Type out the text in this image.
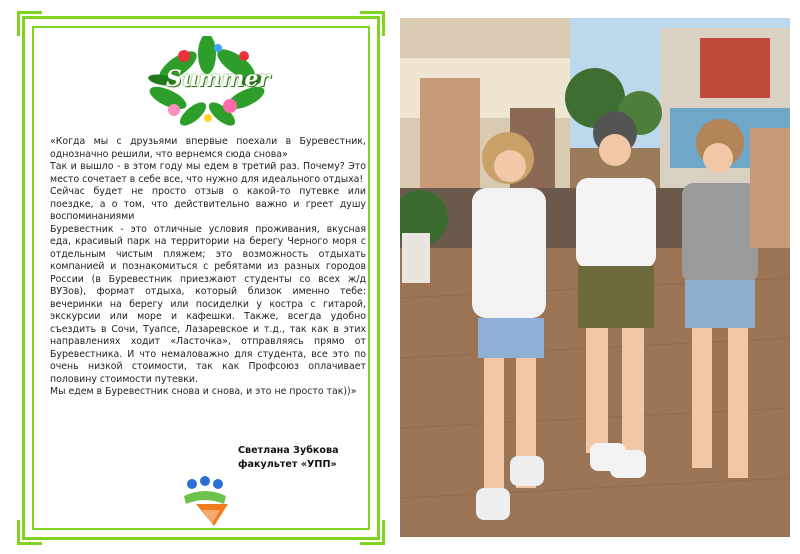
Summer

«Когда мы с друзьями впервые поехали в Буревестник, однозначно решили, что вернемся сюда снова»

Так и вышло - в этом году мы едем в третий раз. Почему? Это место сочетает в себе все, что нужно для идеального отдыха!

Сейчас будет не просто отзыв о какой-то путевке или поездке, а о том, что действительно важно и греет душу воспоминаниями

Буревестник - это отличные условия проживания, вкусная еда, красивый парк на территории на берегу Черного моря с отдельным чистым пляжем; это возможность отдыхать компанией и познакомиться с ребятами из разных городов России (в Буревестник приезжают студенты со всех ж/д ВУЗов), формат отдыха, который близок именно тебе: вечеринки на берегу или посиделки у костра с гитарой, экскурсии или море и кафешки. Также, всегда удобно съездить в Сочи, Туапсе, Лазаревское и т.д., так как в этих направлениях ходит «Ласточка», отправляясь прямо от Буревестника. И что немаловажно для студента, все это по очень низкой стоимости, так как Профсоюз оплачивает половину стоимости путевки.

Мы едем в Буревестник снова и снова, и это не просто так))»

Светлана Зубкова
факультет «УПП»
